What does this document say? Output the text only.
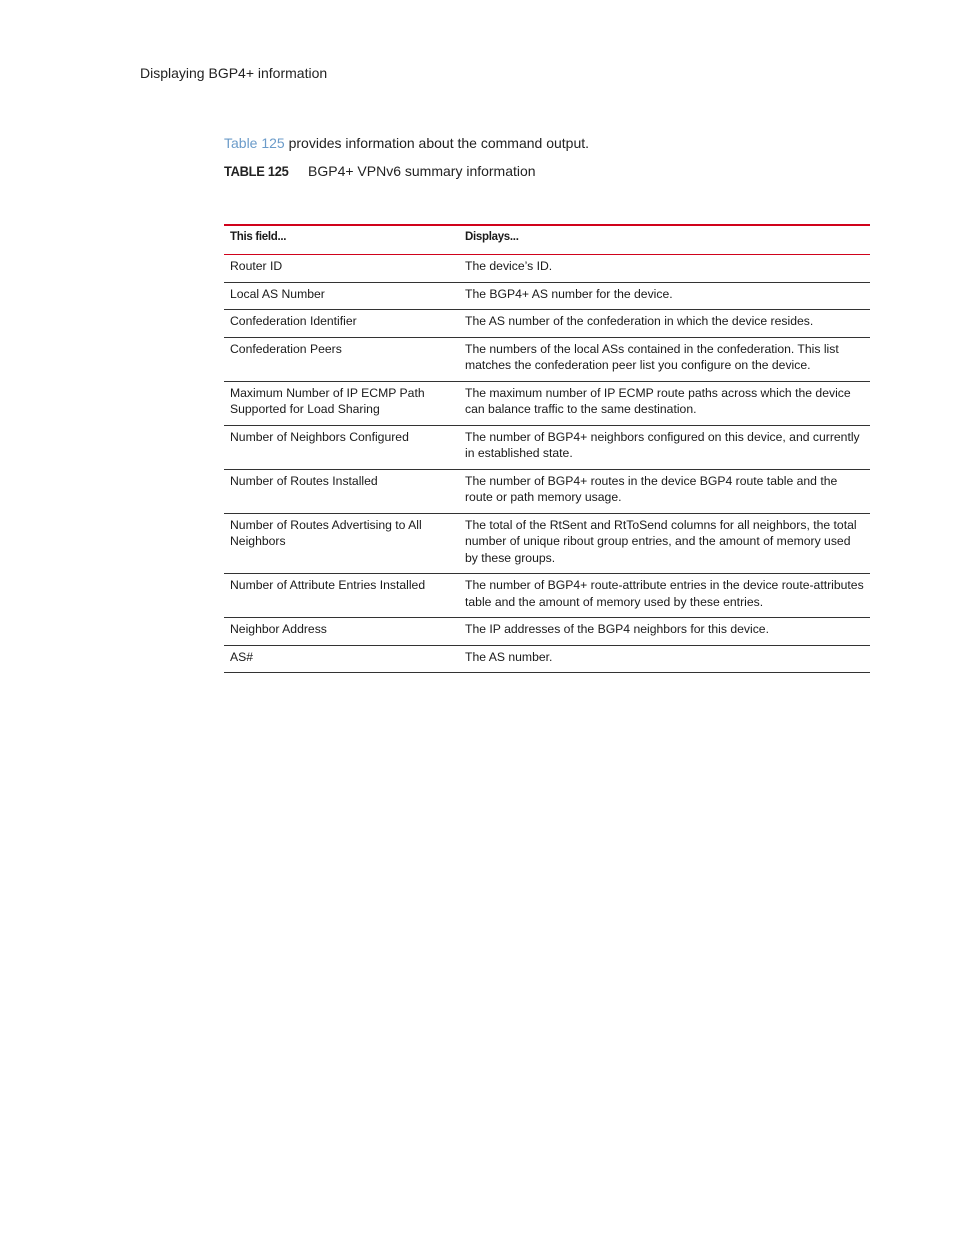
Displaying BGP4+ information
Table 125 provides information about the command output.
TABLE 125	BGP4+ VPNv6 summary information
This field...	Displays...
Router ID	The device’s ID.
Local AS Number	The BGP4+ AS number for the device.
Confederation Identifier	The AS number of the confederation in which the device resides.
Confederation Peers	The numbers of the local ASs contained in the confederation. This list matches the confederation peer list you configure on the device.
Maximum Number of IP ECMP Path Supported for Load Sharing	The maximum number of IP ECMP route paths across which the device can balance traffic to the same destination.
Number of Neighbors Configured	The number of BGP4+ neighbors configured on this device, and currently in established state.
Number of Routes Installed	The number of BGP4+ routes in the device BGP4 route table and the route or path memory usage.
Number of Routes Advertising to All Neighbors	The total of the RtSent and RtToSend columns for all neighbors, the total number of unique ribout group entries, and the amount of memory used by these groups.
Number of Attribute Entries Installed	The number of BGP4+ route-attribute entries in the device route-attributes table and the amount of memory used by these entries.
Neighbor Address	The IP addresses of the BGP4 neighbors for this device.
AS#	The AS number.
